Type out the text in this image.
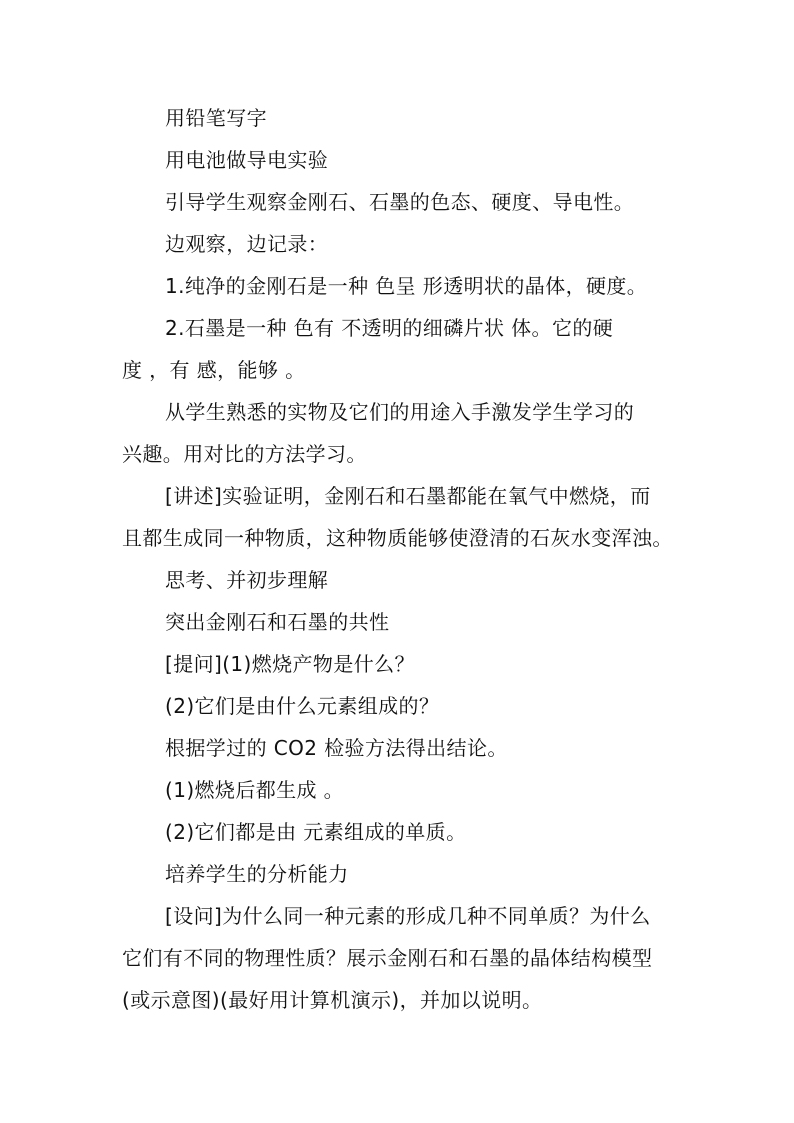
用铅笔写字
用电池做导电实验
引导学生观察金刚石、石墨的色态、硬度、导电性。
边观察，边记录：
1.纯净的金刚石是一种 色呈 形透明状的晶体，硬度。
2.石墨是一种 色有 不透明的细磷片状 体。它的硬
度 ，有 感，能够 。
从学生熟悉的实物及它们的用途入手激发学生学习的
兴趣。用对比的方法学习。
[讲述]实验证明，金刚石和石墨都能在氧气中燃烧，而
且都生成同一种物质，这种物质能够使澄清的石灰水变浑浊。
思考、并初步理解
突出金刚石和石墨的共性
[提问](1)燃烧产物是什么？
(2)它们是由什么元素组成的？
根据学过的 CO2 检验方法得出结论。
(1)燃烧后都生成 。
(2)它们都是由 元素组成的单质。
培养学生的分析能力
[设问]为什么同一种元素的形成几种不同单质？为什么
它们有不同的物理性质？展示金刚石和石墨的晶体结构模型
(或示意图)(最好用计算机演示)，并加以说明。
